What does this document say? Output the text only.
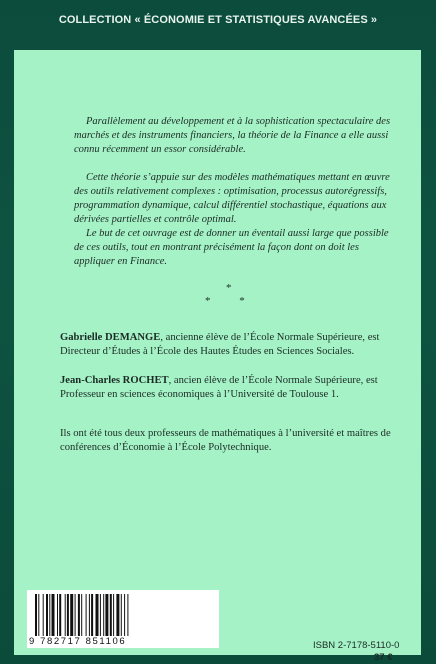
COLLECTION « ÉCONOMIE ET STATISTIQUES AVANCÉES »

Parallèlement au développement et à la sophistication spectaculaire des marchés et des instruments financiers, la théorie de la Finance a elle aussi connu récemment un essor considérable.

Cette théorie s’appuie sur des modèles mathématiques mettant en œuvre des outils relativement complexes : optimisation, processus autorégressifs, programmation dynamique, calcul différentiel stochastique, équations aux dérivées partielles et contrôle optimal.

Le but de cet ouvrage est de donner un éventail aussi large que possible de ces outils, tout en montrant précisément la façon dont on doit les appliquer en Finance.

*
* *

Gabrielle DEMANGE, ancienne élève de l’École Normale Supérieure, est Directeur d’Études à l’École des Hautes Études en Sciences Sociales.

Jean-Charles ROCHET, ancien élève de l’École Normale Supérieure, est Professeur en sciences économiques à l’Université de Toulouse 1.

Ils ont été tous deux professeurs de mathématiques à l’université et maîtres de conférences d’Économie à l’École Polytechnique.

9 782717 851106	ISBN 2-7178-5110-0
37 €
